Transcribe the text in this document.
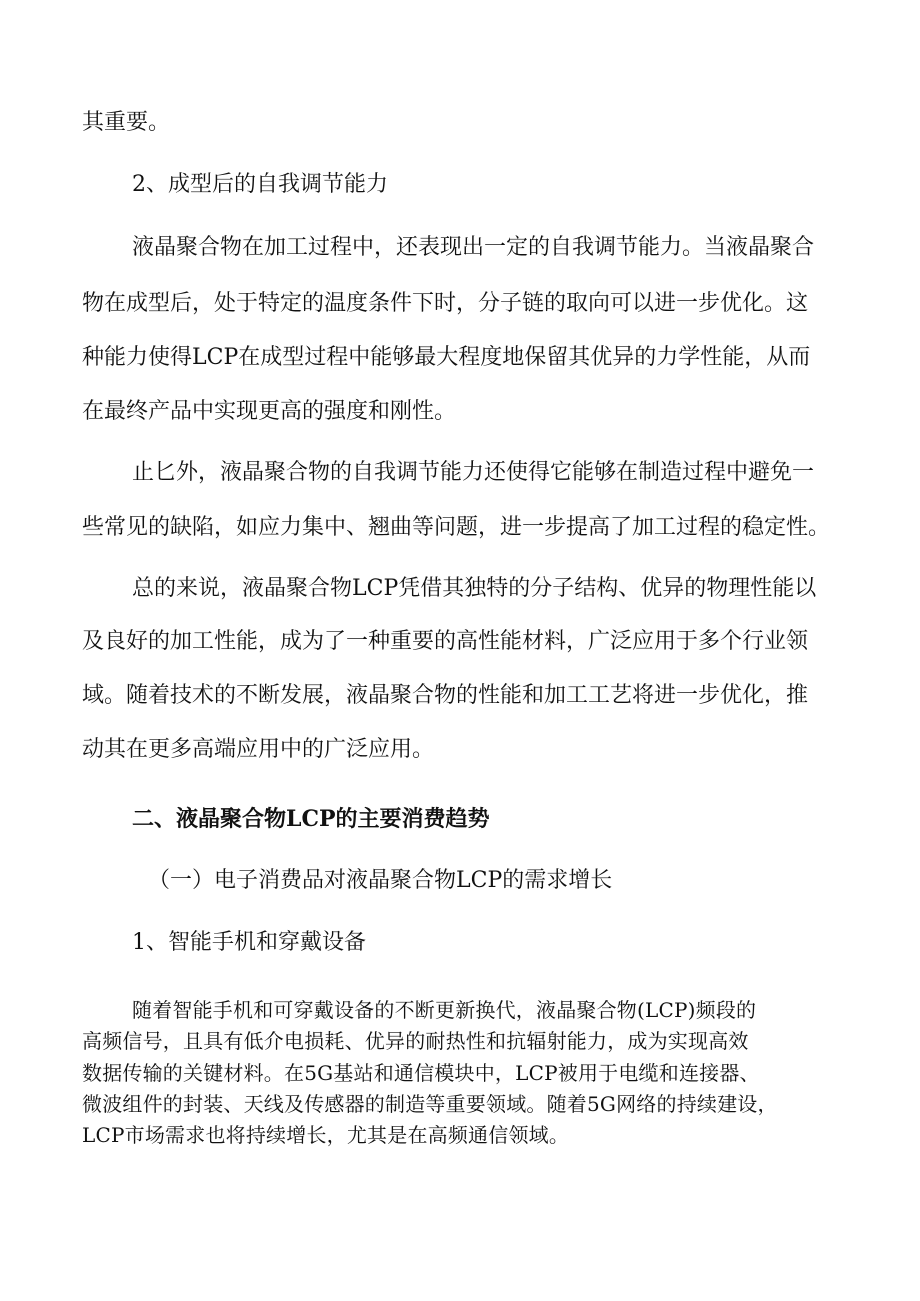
其重要。
2、成型后的自我调节能力
液晶聚合物在加工过程中，还表现出一定的自我调节能力。当液晶聚合
物在成型后，处于特定的温度条件下时，分子链的取向可以进一步优化。这
种能力使得LCP在成型过程中能够最大程度地保留其优异的力学性能，从而
在最终产品中实现更高的强度和刚性。
止匕外，液晶聚合物的自我调节能力还使得它能够在制造过程中避免一
些常见的缺陷，如应力集中、翘曲等问题，进一步提高了加工过程的稳定性。
总的来说，液晶聚合物LCP凭借其独特的分子结构、优异的物理性能以
及良好的加工性能，成为了一种重要的高性能材料，广泛应用于多个行业领
域。随着技术的不断发展，液晶聚合物的性能和加工工艺将进一步优化，推
动其在更多高端应用中的广泛应用。
二、液晶聚合物LCP的主要消费趋势
（一）电子消费品对液晶聚合物LCP的需求增长
1、智能手机和穿戴设备
随着智能手机和可穿戴设备的不断更新换代，液晶聚合物(LCP)频段的
高频信号，且具有低介电损耗、优异的耐热性和抗辐射能力，成为实现高效
数据传输的关键材料。在5G基站和通信模块中，LCP被用于电缆和连接器、
微波组件的封装、天线及传感器的制造等重要领域。随着5G网络的持续建设，
LCP市场需求也将持续增长，尤其是在高频通信领域。
